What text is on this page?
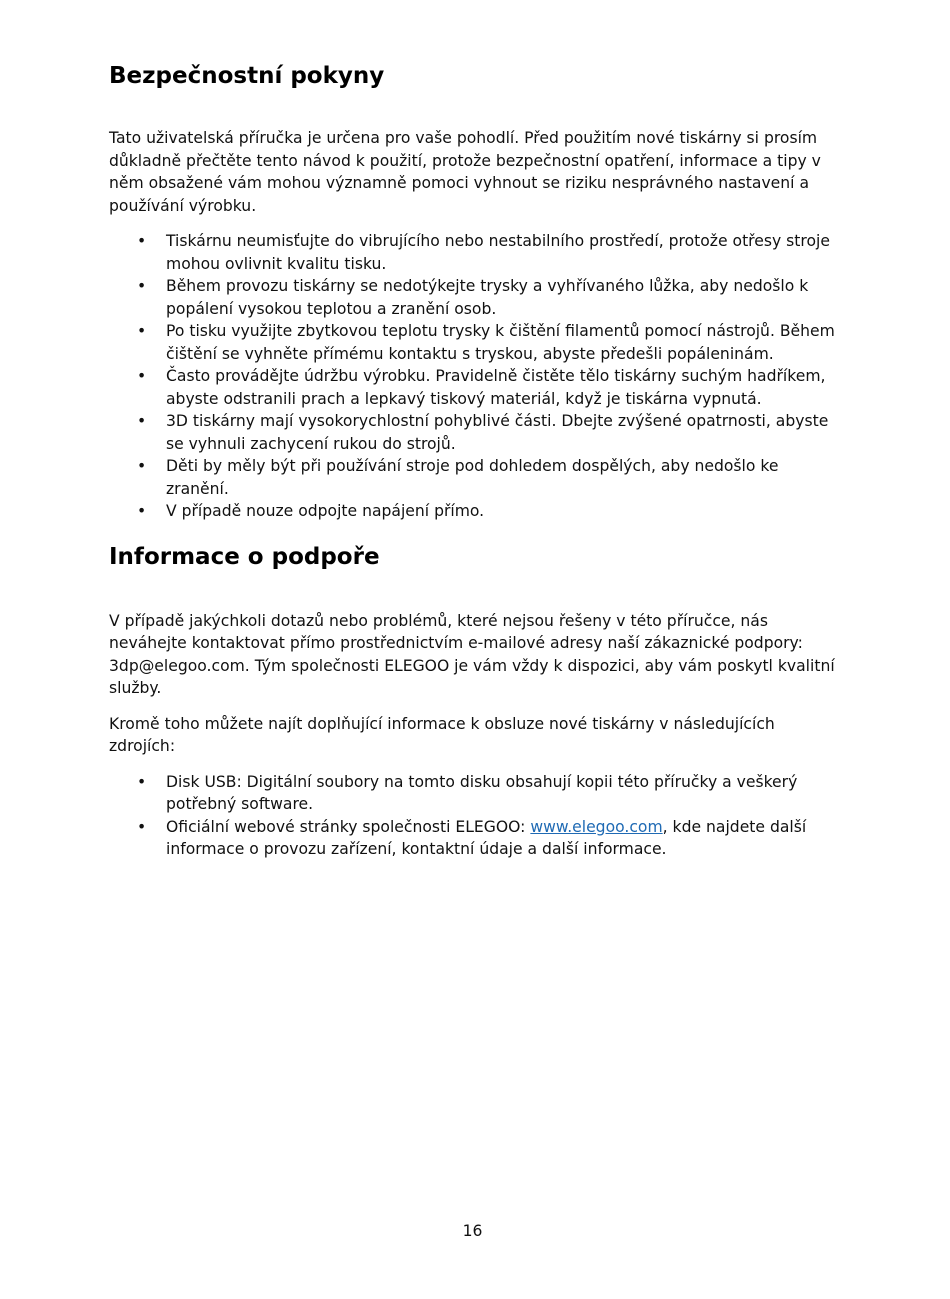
Bezpečnostní pokyny

Tato uživatelská příručka je určena pro vaše pohodlí. Před použitím nové tiskárny si prosím důkladně přečtěte tento návod k použití, protože bezpečnostní opatření, informace a tipy v něm obsažené vám mohou významně pomoci vyhnout se riziku nesprávného nastavení a používání výrobku.

• Tiskárnu neumisťujte do vibrujícího nebo nestabilního prostředí, protože otřesy stroje mohou ovlivnit kvalitu tisku.
• Během provozu tiskárny se nedotýkejte trysky a vyhřívaného lůžka, aby nedošlo k popálení vysokou teplotou a zranění osob.
• Po tisku využijte zbytkovou teplotu trysky k čištění filamentů pomocí nástrojů. Během čištění se vyhněte přímému kontaktu s tryskou, abyste předešli popáleninám.
• Často provádějte údržbu výrobku. Pravidelně čistěte tělo tiskárny suchým hadříkem, abyste odstranili prach a lepkavý tiskový materiál, když je tiskárna vypnutá.
• 3D tiskárny mají vysokorychlostní pohyblivé části. Dbejte zvýšené opatrnosti, abyste se vyhnuli zachycení rukou do strojů.
• Děti by měly být při používání stroje pod dohledem dospělých, aby nedošlo ke zranění.
• V případě nouze odpojte napájení přímo.
Informace o podpoře

V případě jakýchkoli dotazů nebo problémů, které nejsou řešeny v této příručce, nás neváhejte kontaktovat přímo prostřednictvím e-mailové adresy naší zákaznické podpory: 3dp@elegoo.com. Tým společnosti ELEGOO je vám vždy k dispozici, aby vám poskytl kvalitní služby.

Kromě toho můžete najít doplňující informace k obsluze nové tiskárny v následujících zdrojích:

• Disk USB: Digitální soubory na tomto disku obsahují kopii této příručky a veškerý potřebný software.
• Oficiální webové stránky společnosti ELEGOO: www.elegoo.com, kde najdete další informace o provozu zařízení, kontaktní údaje a další informace.
16
